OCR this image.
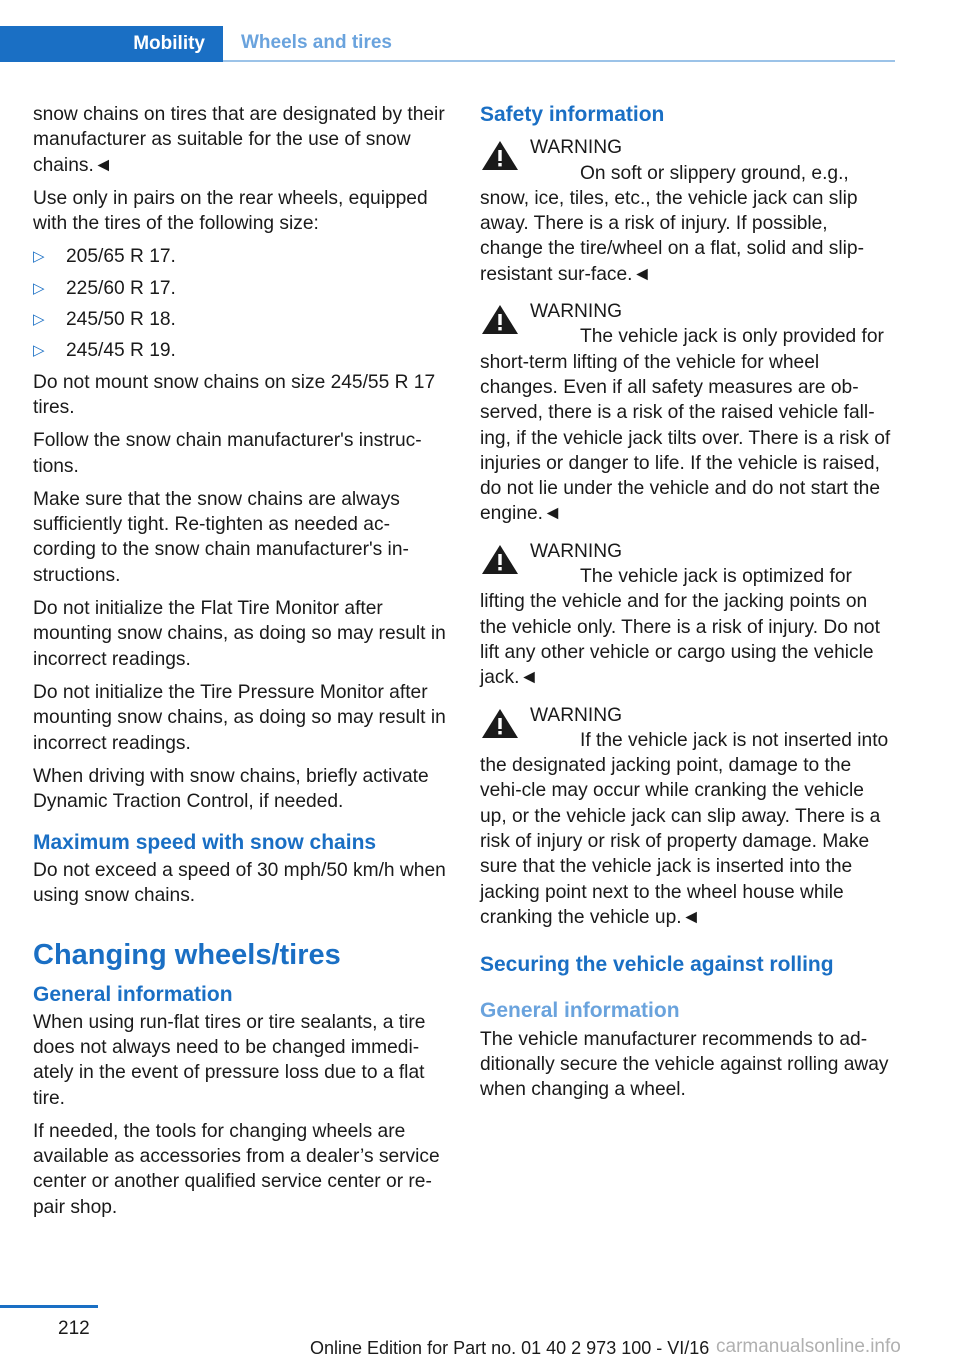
Mobility	Wheels and tires

snow chains on tires that are designated by their manufacturer as suitable for the use of snow chains.◄

Use only in pairs on the rear wheels, equipped with the tires of the following size:

▷ 205/65 R 17.
▷ 225/60 R 17.
▷ 245/50 R 18.
▷ 245/45 R 19.

Do not mount snow chains on size 245/55 R 17 tires.

Follow the snow chain manufacturer's instruc‐tions.

Make sure that the snow chains are always sufficiently tight. Re-tighten as needed ac‐cording to the snow chain manufacturer's in‐structions.

Do not initialize the Flat Tire Monitor after mounting snow chains, as doing so may result in incorrect readings.

Do not initialize the Tire Pressure Monitor after mounting snow chains, as doing so may result in incorrect readings.

When driving with snow chains, briefly activate Dynamic Traction Control, if needed.

Maximum speed with snow chains

Do not exceed a speed of 30 mph/50 km/h when using snow chains.

Changing wheels/tires
General information

When using run-flat tires or tire sealants, a tire does not always need to be changed immedi‐ately in the event of pressure loss due to a flat tire.

If needed, the tools for changing wheels are available as accessories from a dealer’s service center or another qualified service center or re‐pair shop.

Safety information
WARNING
On soft or slippery ground, e.g., snow, ice, tiles, etc., the vehicle jack can slip away. There is a risk of injury. If possible, change the tire/wheel on a flat, solid and slip-resistant sur‐face.◄
WARNING
The vehicle jack is only provided for short-term lifting of the vehicle for wheel changes. Even if all safety measures are ob‐served, there is a risk of the raised vehicle fall‐ing, if the vehicle jack tilts over. There is a risk of injuries or danger to life. If the vehicle is raised, do not lie under the vehicle and do not start the engine.◄
WARNING
The vehicle jack is optimized for lifting the vehicle and for the jacking points on the vehicle only. There is a risk of injury. Do not lift any other vehicle or cargo using the vehicle jack.◄
WARNING
If the vehicle jack is not inserted into the designated jacking point, damage to the vehi‐cle may occur while cranking the vehicle up, or the vehicle jack can slip away. There is a risk of injury or risk of property damage. Make sure that the vehicle jack is inserted into the jacking point next to the wheel house while cranking the vehicle up.◄
Securing the vehicle against rolling
General information

The vehicle manufacturer recommends to ad‐ditionally secure the vehicle against rolling away when changing a wheel.

212
Online Edition for Part no. 01 40 2 973 100 - VI/16 carmanualsonline.info
